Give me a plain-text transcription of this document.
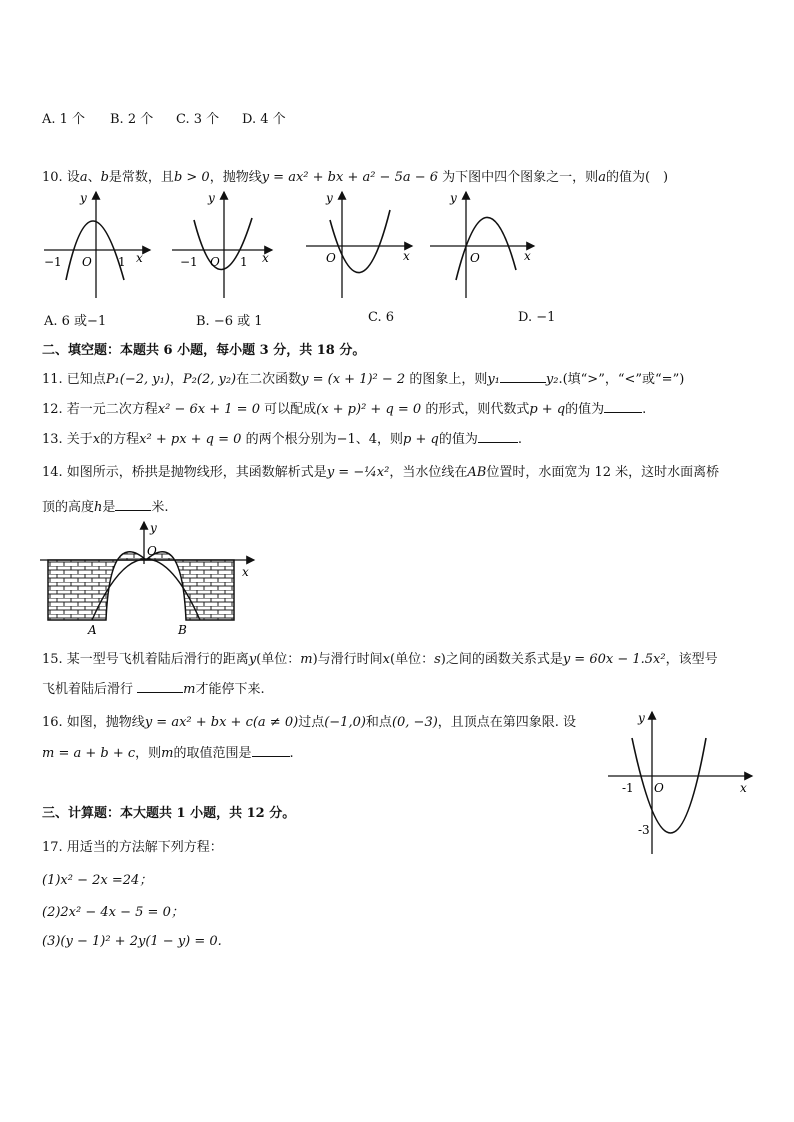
A. 1 个 B. 2 个 C. 3 个 D. 4 个
10. 设a、b是常数，且b > 0，抛物线y = ax² + bx + a² − 5a − 6 为下图中四个图象之一，则a的值为(　)
y
x
O
−1	1
y
x
O
−1	1
y
x
O
y
x
O
A. 6 或−1	B. −6 或 1	C. 6	D. −1
二、填空题：本题共 6 小题，每小题 3 分，共 18 分。
11. 已知点P₁(−2, y₁)，P₂(2, y₂)在二次函数y = (x + 1)² − 2 的图象上，则y₁	y₂.(填“>”，“<”或“=”)
12. 若一元二次方程x² − 6x + 1 = 0 可以配成(x + p)² + q = 0 的形式，则代数式p + q的值为	.
13. 关于x的方程x² + px + q = 0 的两个根分别为−1、4，则p + q的值为	.
14. 如图所示，桥拱是抛物线形，其函数解析式是y = −¼x²，当水位线在AB位置时，水面宽为 12 米，这时水面离桥
顶的高度h是	米.
y
O
x
A	B
15. 某一型号飞机着陆后滑行的距离y(单位：m)与滑行时间x(单位：s)之间的函数关系式是y = 60x − 1.5x²，该型号
飞机着陆后滑行	m才能停下来.
16. 如图，抛物线y = ax² + bx + c(a ≠ 0)过点(−1,0)和点(0, −3)，且顶点在第四象限. 设
m = a + b + c，则m的取值范围是	.
y
x
O
-1
-3
三、计算题：本大题共 1 小题，共 12 分。
17. 用适当的方法解下列方程：
(1)x² − 2x =24；
(2)2x² − 4x − 5 = 0；
(3)(y − 1)² + 2y(1 − y) = 0.
